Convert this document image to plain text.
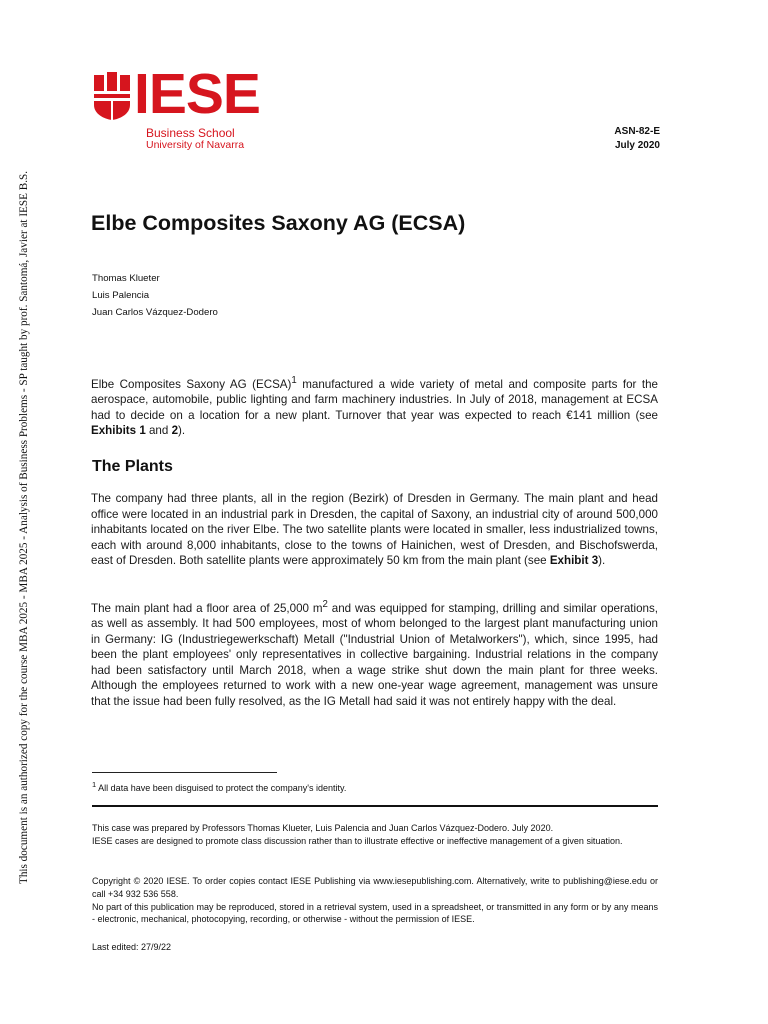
This document is an authorized copy for the course MBA 2025 - MBA 2025 - Analysis of Business Problems - SP taught by prof. Santomá, Javier at IESE B.S.
IESE
Business School
University of Navarra
ASN-82-E
July 2020
Elbe Composites Saxony AG (ECSA)
Thomas Klueter
Luis Palencia
Juan Carlos Vázquez-Dodero
Elbe Composites Saxony AG (ECSA)$^1$ manufactured a wide variety of metal and composite parts for the aerospace, automobile, public lighting and farm machinery industries. In July of 2018, management at ECSA had to decide on a location for a new plant. Turnover that year was expected to reach €141 million (see Exhibits 1 and 2).
The Plants
The company had three plants, all in the region (Bezirk) of Dresden in Germany. The main plant and head office were located in an industrial park in Dresden, the capital of Saxony, an industrial city of around 500,000 inhabitants located on the river Elbe. The two satellite plants were located in smaller, less industrialized towns, each with around 8,000 inhabitants, close to the towns of Hainichen, west of Dresden, and Bischofswerda, east of Dresden. Both satellite plants were approximately 50 km from the main plant (see Exhibit 3).
The main plant had a floor area of 25,000 $m^2$ and was equipped for stamping, drilling and similar operations, as well as assembly. It had 500 employees, most of whom belonged to the largest plant manufacturing union in Germany: IG (Industriegewerkschaft) Metall ("Industrial Union of Metalworkers"), which, since 1995, had been the plant employees' only representatives in collective bargaining. Industrial relations in the company had been satisfactory until March 2018, when a wage strike shut down the main plant for three weeks. Although the employees returned to work with a new one-year wage agreement, management was unsure that the issue had been fully resolved, as the IG Metall had said it was not entirely happy with the deal.
$^1$ All data have been disguised to protect the company's identity.
This case was prepared by Professors Thomas Klueter, Luis Palencia and Juan Carlos Vázquez-Dodero. July 2020.
IESE cases are designed to promote class discussion rather than to illustrate effective or ineffective management of a given situation.
Copyright © 2020 IESE. To order copies contact IESE Publishing via www.iesepublishing.com. Alternatively, write to publishing@iese.edu or call +34 932 536 558.
No part of this publication may be reproduced, stored in a retrieval system, used in a spreadsheet, or transmitted in any form or by any means - electronic, mechanical, photocopying, recording, or otherwise - without the permission of IESE.
Last edited: 27/9/22
